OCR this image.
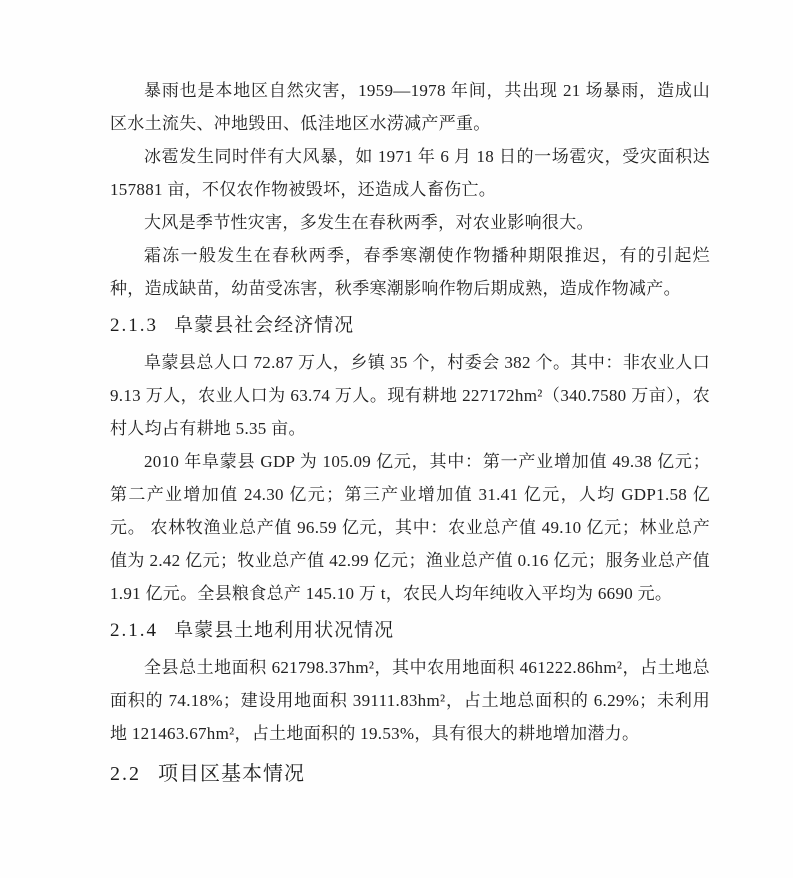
暴雨也是本地区自然灾害，1959—1978 年间，共出现 21 场暴雨，造成山区水土流失、冲地毁田、低洼地区水涝减产严重。

冰雹发生同时伴有大风暴，如 1971 年 6 月 18 日的一场雹灾，受灾面积达 157881 亩，不仅农作物被毁坏，还造成人畜伤亡。

大风是季节性灾害，多发生在春秋两季，对农业影响很大。

霜冻一般发生在春秋两季，春季寒潮使作物播种期限推迟，有的引起烂种，造成缺苗，幼苗受冻害，秋季寒潮影响作物后期成熟，造成作物减产。

2.1.3 阜蒙县社会经济情况

阜蒙县总人口 72.87 万人，乡镇 35 个，村委会 382 个。其中：非农业人口 9.13 万人，农业人口为 63.74 万人。现有耕地 227172hm²（340.7580 万亩），农村人均占有耕地 5.35 亩。

2010 年阜蒙县 GDP 为 105.09 亿元，其中：第一产业增加值 49.38 亿元；第二产业增加值 24.30 亿元；第三产业增加值 31.41 亿元，人均 GDP1.58 亿元。 农林牧渔业总产值 96.59 亿元，其中：农业总产值 49.10 亿元；林业总产值为 2.42 亿元；牧业总产值 42.99 亿元；渔业总产值 0.16 亿元；服务业总产值 1.91 亿元。全县粮食总产 145.10 万 t，农民人均年纯收入平均为 6690 元。

2.1.4 阜蒙县土地利用状况情况

全县总土地面积 621798.37hm²，其中农用地面积 461222.86hm²，占土地总面积的 74.18%；建设用地面积 39111.83hm²，占土地总面积的 6.29%；未利用地 121463.67hm²，占土地面积的 19.53%，具有很大的耕地增加潜力。

2.2 项目区基本情况
